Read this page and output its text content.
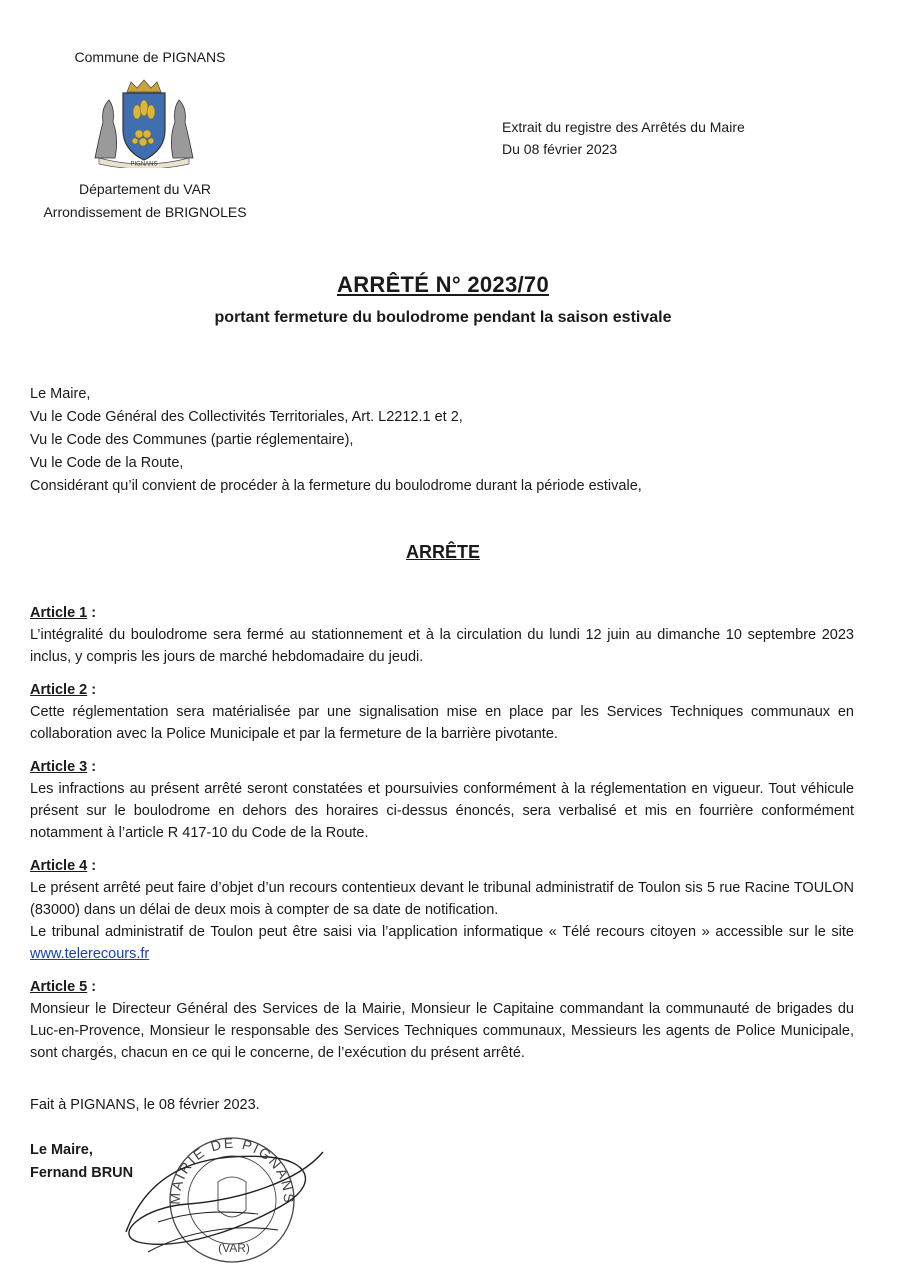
Commune de PIGNANS
PIGNANS
Département du VAR
Arrondissement de BRIGNOLES
Extrait du registre des Arrêtés du Maire
Du 08 février 2023
ARRÊTÉ N° 2023/70
portant fermeture du boulodrome pendant la saison estivale
Le Maire,
Vu le Code Général des Collectivités Territoriales, Art. L2212.1 et 2,
Vu le Code des Communes (partie réglementaire),
Vu le Code de la Route,
Considérant qu’il convient de procéder à la fermeture du boulodrome durant la période estivale,
ARRÊTE
Article 1 :
L’intégralité du boulodrome sera fermé au stationnement et à la circulation du lundi 12 juin au dimanche 10 septembre 2023 inclus, y compris les jours de marché hebdomadaire du jeudi.
Article 2 :
Cette réglementation sera matérialisée par une signalisation mise en place par les Services Techniques communaux en collaboration avec la Police Municipale et par la fermeture de la barrière pivotante.
Article 3 :
Les infractions au présent arrêté seront constatées et poursuivies conformément à la réglementation en vigueur. Tout véhicule présent sur le boulodrome en dehors des horaires ci-dessus énoncés, sera verbalisé et mis en fourrière conformément notamment à l’article R 417-10 du Code de la Route.
Article 4 :
Le présent arrêté peut faire d’objet d’un recours contentieux devant le tribunal administratif de Toulon sis 5 rue Racine TOULON (83000) dans un délai de deux mois à compter de sa date de notification.
Le tribunal administratif de Toulon peut être saisi via l’application informatique « Télé recours citoyen » accessible sur le site www.telerecours.fr
Article 5 :
Monsieur le Directeur Général des Services de la Mairie, Monsieur le Capitaine commandant la communauté de brigades du Luc-en-Provence, Monsieur le responsable des Services Techniques communaux, Messieurs les agents de Police Municipale, sont chargés, chacun en ce qui le concerne, de l’exécution du présent arrêté.
Fait à PIGNANS, le 08 février 2023.
Le Maire,
Fernand BRUN
MAIRIE DE PIGNANS
(VAR)
